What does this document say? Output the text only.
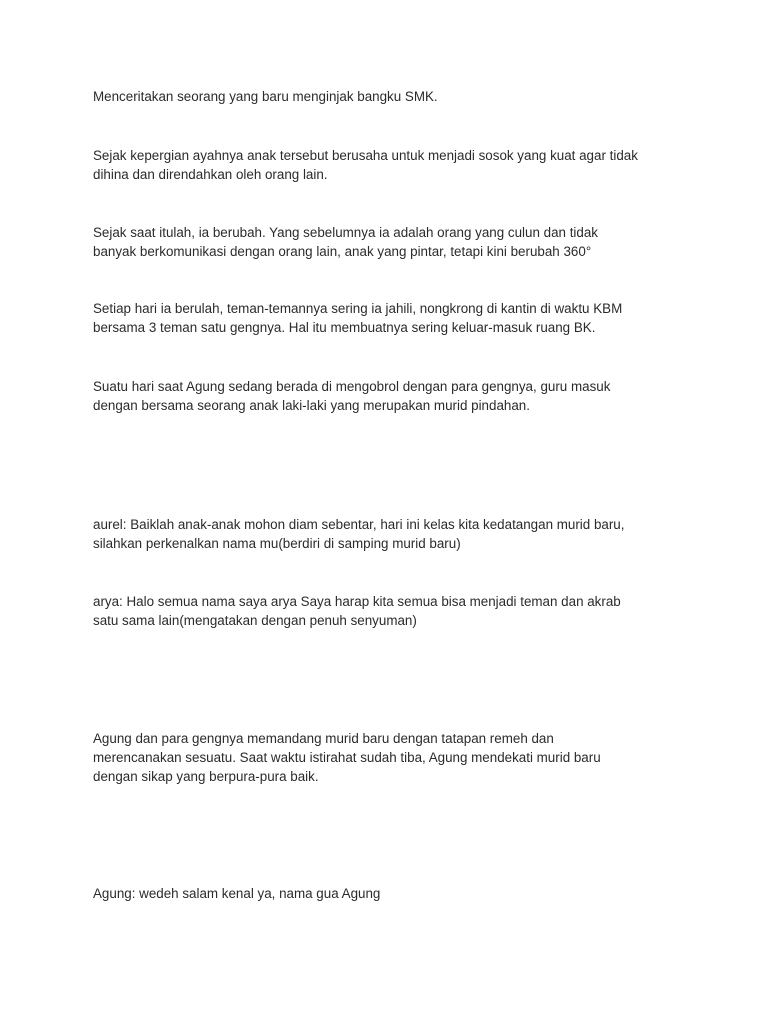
Menceritakan seorang yang baru menginjak bangku SMK.

Sejak kepergian ayahnya anak tersebut berusaha untuk menjadi sosok yang kuat agar tidak
dihina dan direndahkan oleh orang lain.

Sejak saat itulah, ia berubah. Yang sebelumnya ia adalah orang yang culun dan tidak
banyak berkomunikasi dengan orang lain, anak yang pintar, tetapi kini berubah 360°

Setiap hari ia berulah, teman-temannya sering ia jahili, nongkrong di kantin di waktu KBM
bersama 3 teman satu gengnya. Hal itu membuatnya sering keluar-masuk ruang BK.

Suatu hari saat Agung sedang berada di mengobrol dengan para gengnya, guru masuk
dengan bersama seorang anak laki-laki yang merupakan murid pindahan.

aurel: Baiklah anak-anak mohon diam sebentar, hari ini kelas kita kedatangan murid baru,
silahkan perkenalkan nama mu(berdiri di samping murid baru)

arya: Halo semua nama saya arya Saya harap kita semua bisa menjadi teman dan akrab
satu sama lain(mengatakan dengan penuh senyuman)

Agung dan para gengnya memandang murid baru dengan tatapan remeh dan
merencanakan sesuatu. Saat waktu istirahat sudah tiba, Agung mendekati murid baru
dengan sikap yang berpura-pura baik.

Agung: wedeh salam kenal ya, nama gua Agung
